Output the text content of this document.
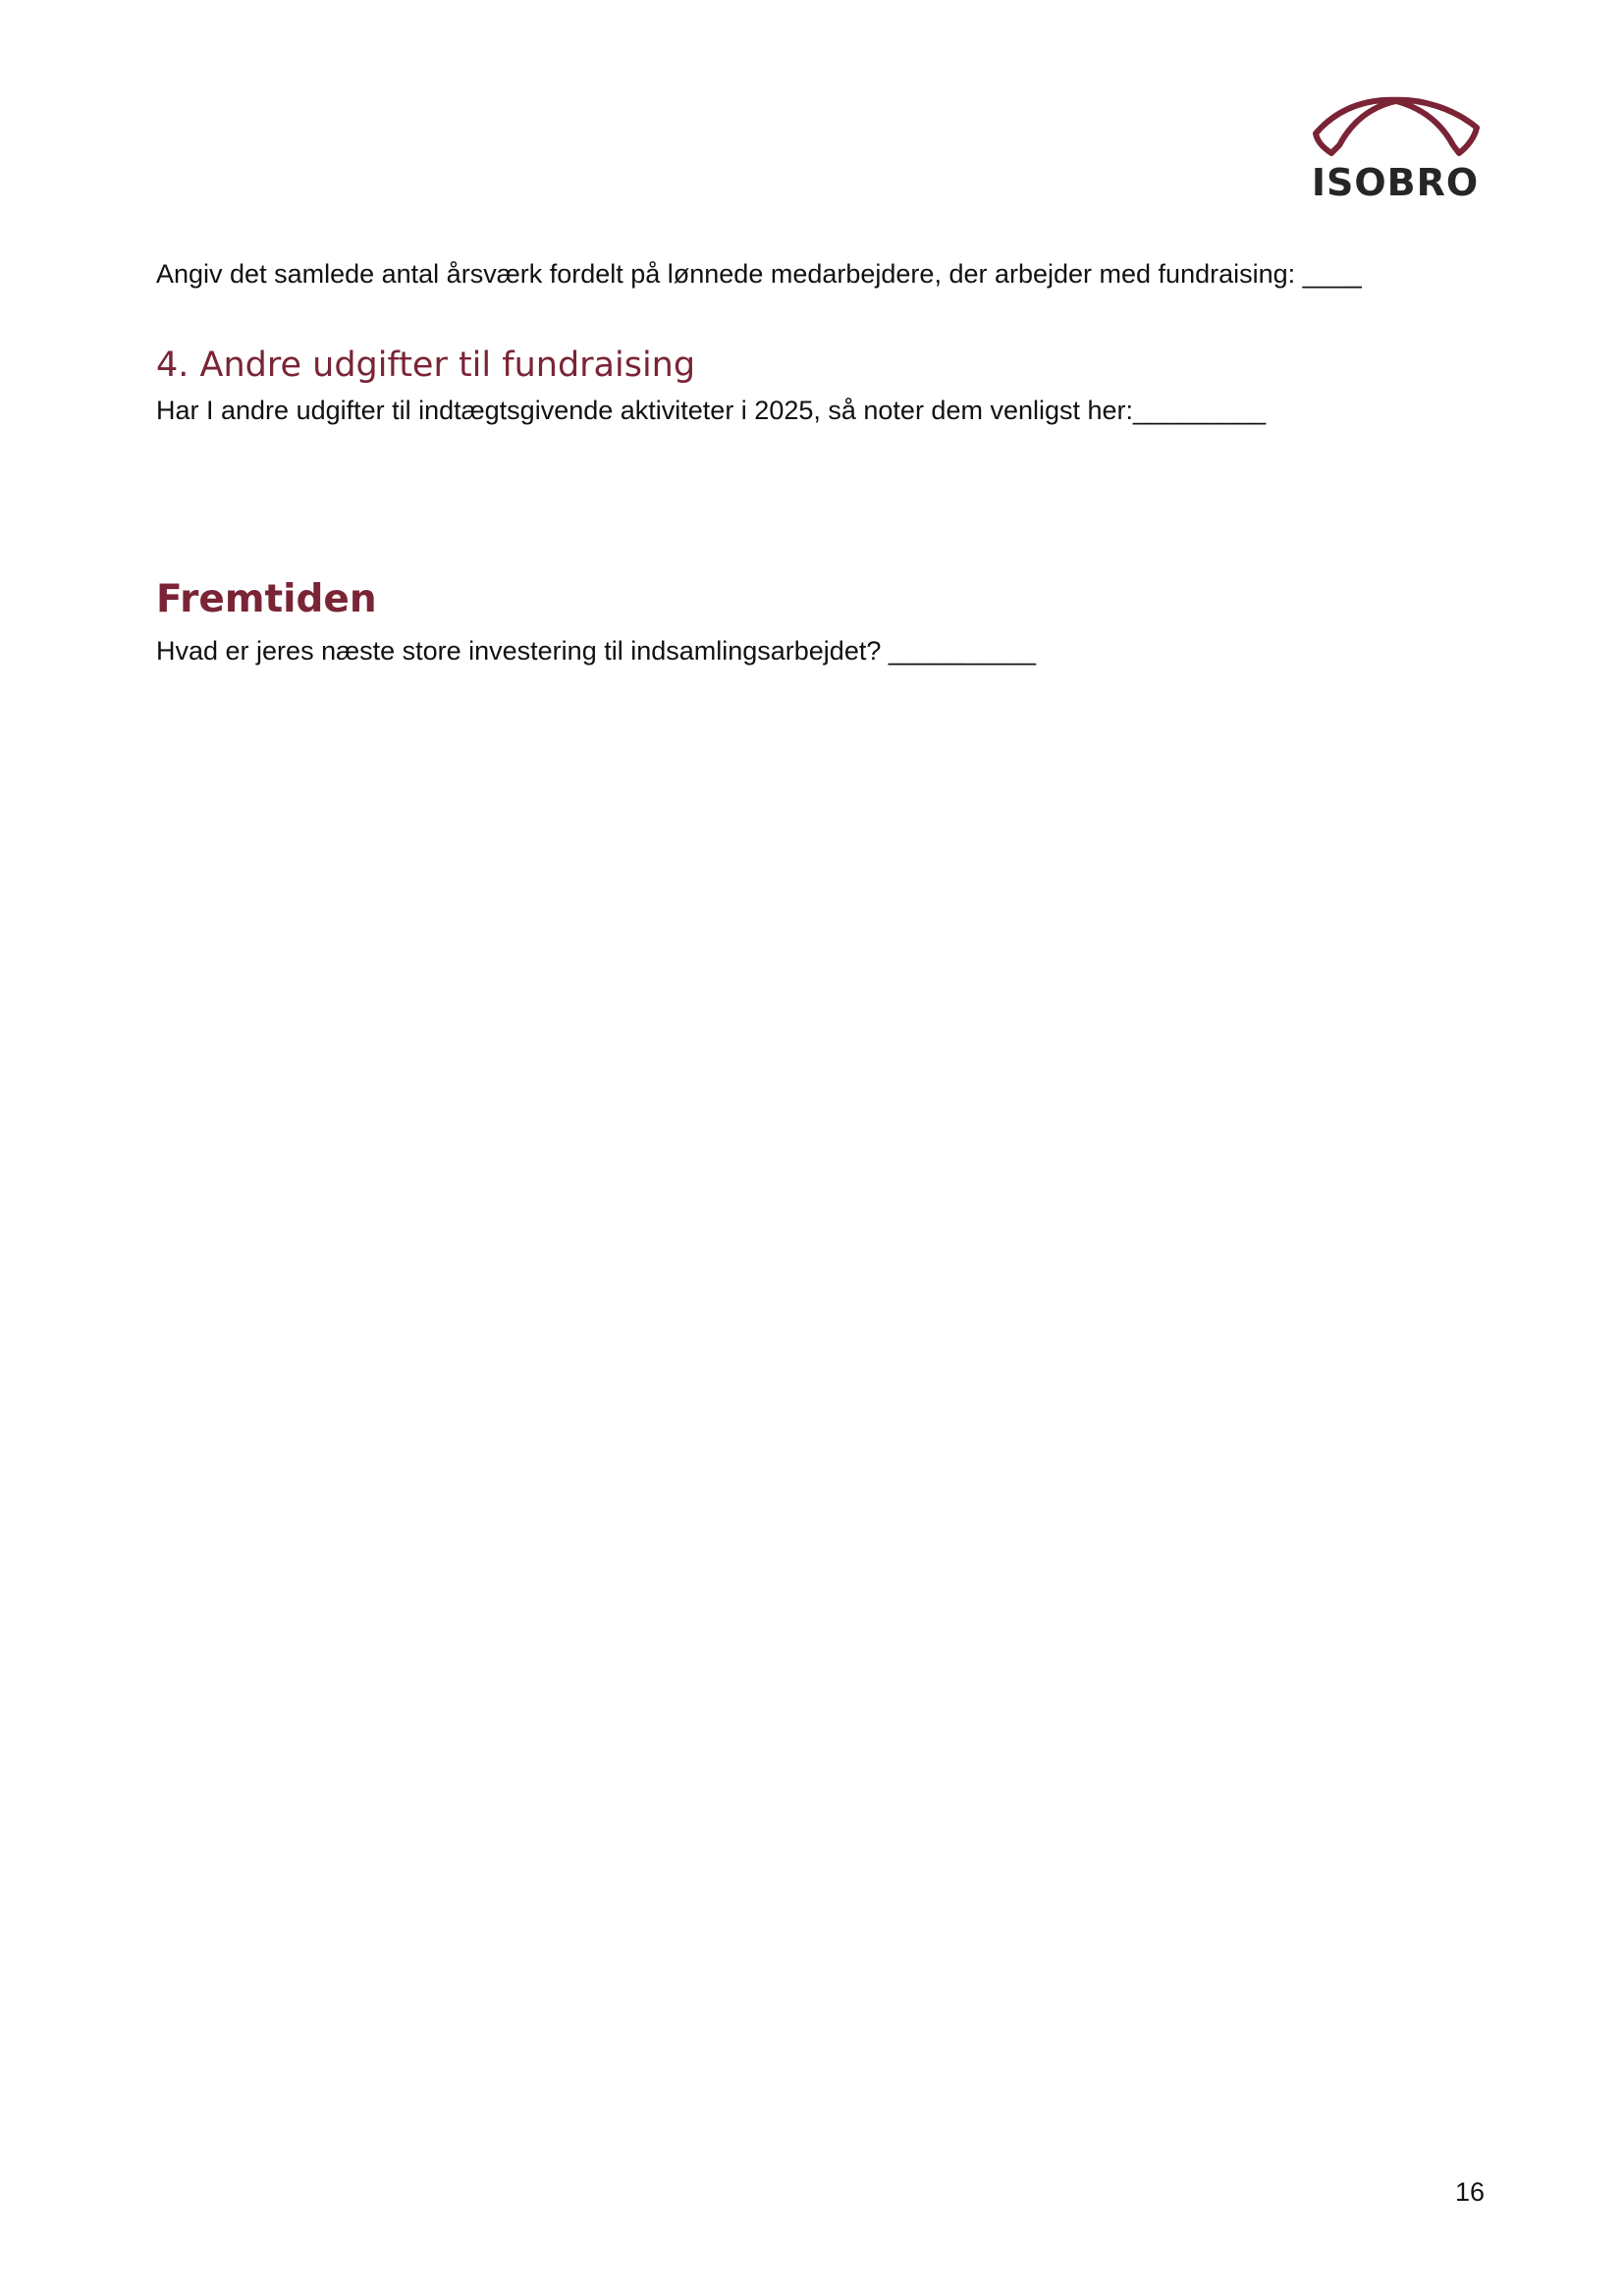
ISOBRO
Angiv det samlede antal årsværk fordelt på lønnede medarbejdere, der arbejder med fundraising: ____
4. Andre udgifter til fundraising
Har I andre udgifter til indtægtsgivende aktiviteter i 2025, så noter dem venligst her:_________
Fremtiden
Hvad er jeres næste store investering til indsamlingsarbejdet? __________
16
